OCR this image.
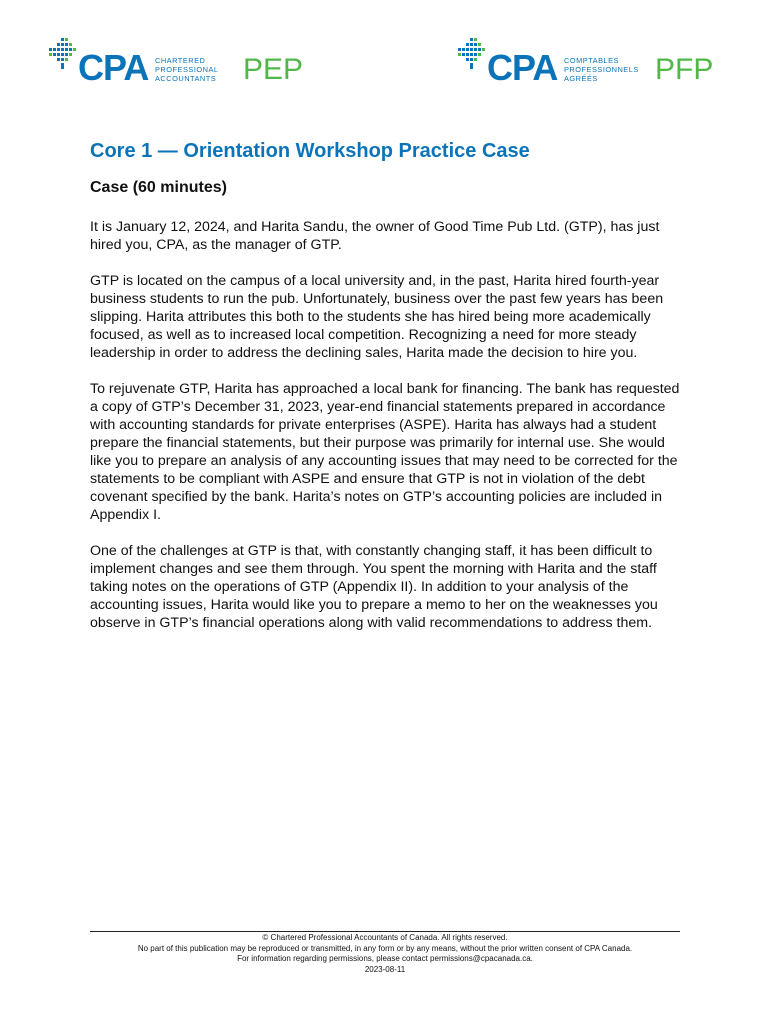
CPA CHARTERED
PROFESSIONAL
ACCOUNTANTS PEP	CPA COMPTABLES
PROFESSIONNELS
AGRÉÉS	PFP
Core 1 — Orientation Workshop Practice Case
Case (60 minutes)

It is January 12, 2024, and Harita Sandu, the owner of Good Time Pub Ltd. (GTP), has just hired you, CPA, as the manager of GTP.

GTP is located on the campus of a local university and, in the past, Harita hired fourth-year business students to run the pub. Unfortunately, business over the past few years has been slipping. Harita attributes this both to the students she has hired being more academically focused, as well as to increased local competition. Recognizing a need for more steady leadership in order to address the declining sales, Harita made the decision to hire you.

To rejuvenate GTP, Harita has approached a local bank for financing. The bank has requested a copy of GTP’s December 31, 2023, year-end financial statements prepared in accordance with accounting standards for private enterprises (ASPE). Harita has always had a student prepare the financial statements, but their purpose was primarily for internal use. She would like you to prepare an analysis of any accounting issues that may need to be corrected for the statements to be compliant with ASPE and ensure that GTP is not in violation of the debt covenant specified by the bank. Harita’s notes on GTP’s accounting policies are included in Appendix I.

One of the challenges at GTP is that, with constantly changing staff, it has been difficult to implement changes and see them through. You spent the morning with Harita and the staff taking notes on the operations of GTP (Appendix II). In addition to your analysis of the accounting issues, Harita would like you to prepare a memo to her on the weaknesses you observe in GTP’s financial operations along with valid recommendations to address them.

© Chartered Professional Accountants of Canada. All rights reserved.
No part of this publication may be reproduced or transmitted, in any form or by any means, without the prior written consent of CPA Canada.
For information regarding permissions, please contact permissions@cpacanada.ca.
2023-08-11
